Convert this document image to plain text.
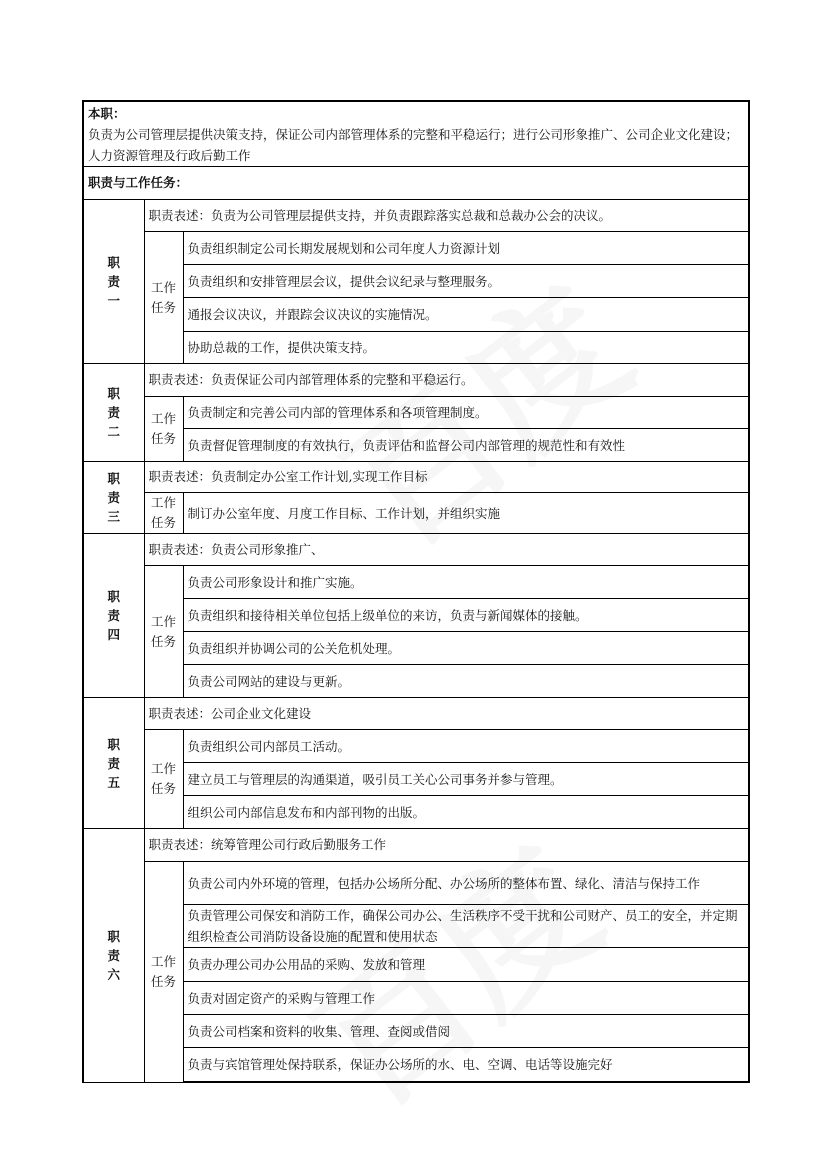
本职：
负责为公司管理层提供决策支持，保证公司内部管理体系的完整和平稳运行；进行公司形象推广、公司企业文化建设；人力资源管理及行政后勤工作		

职责与工作任务：		

职
责
一	职责表述：负责为公司管理层提供支持，并负责跟踪落实总裁和总裁办公会的决议。	

	工作
任务	负责组织制定公司长期发展规划和公司年度人力资源计划
		负责组织和安排管理层会议，提供会议纪录与整理服务。
		通报会议决议，并跟踪会议决议的实施情况。
		协助总裁的工作，提供决策支持。

职
责
二	职责表述：负责保证公司内部管理体系的完整和平稳运行。	

	工作
任务	负责制定和完善公司内部的管理体系和各项管理制度。
		负责督促管理制度的有效执行，负责评估和监督公司内部管理的规范性和有效性

职
责
三	职责表述：负责制定办公室工作计划,实现工作目标	

	工作
任务	制订办公室年度、月度工作目标、工作计划，并组织实施

职
责
四	职责表述：负责公司形象推广、	

	工作
任务	负责公司形象设计和推广实施。
		负责组织和接待相关单位包括上级单位的来访，负责与新闻媒体的接触。
		负责组织并协调公司的公关危机处理。
		负责公司网站的建设与更新。

职
责
五	职责表述：公司企业文化建设	

	工作
任务	负责组织公司内部员工活动。
		建立员工与管理层的沟通渠道，吸引员工关心公司事务并参与管理。
		组织公司内部信息发布和内部刊物的出版。

职
责
六	职责表述：统筹管理公司行政后勤服务工作	

	工作
任务	负责公司内外环境的管理，包括办公场所分配、办公场所的整体布置、绿化、清洁与保持工作
		负责管理公司保安和消防工作，确保公司办公、生活秩序不受干扰和公司财产、员工的安全，并定期组织检查公司消防设备设施的配置和使用状态
		负责办理公司办公用品的采购、发放和管理
		负责对固定资产的采购与管理工作
		负责公司档案和资料的收集、管理、查阅或借阅
		负责与宾馆管理处保持联系，保证办公场所的水、电、空调、电话等设施完好
